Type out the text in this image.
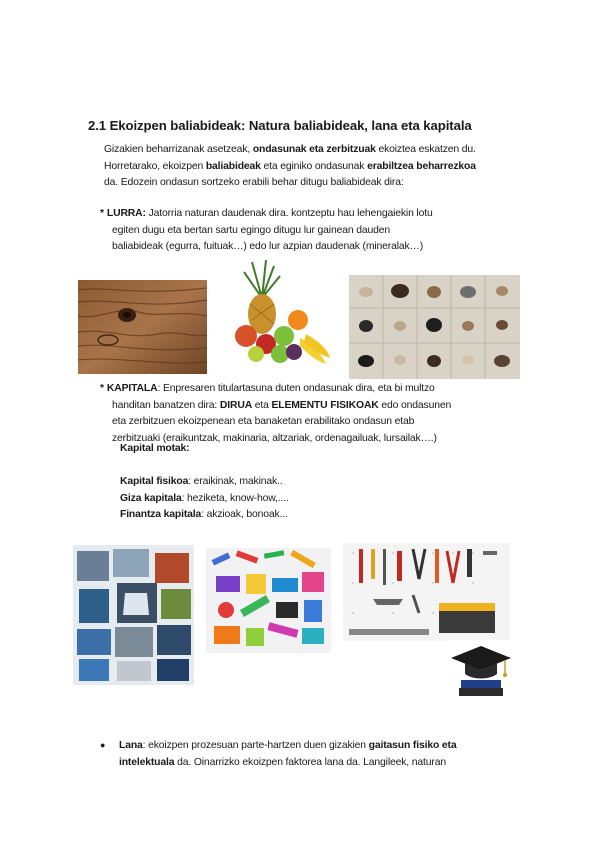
2.1 Ekoizpen baliabideak: Natura baliabideak, lana eta kapitala
Gizakien beharrizanak asetzeak, ondasunak eta zerbitzuak ekoiztea eskatzen du.
Horretarako, ekoizpen baliabideak eta eginiko ondasunak erabiltzea beharrezkoa
da. Edozein ondasun sortzeko erabili behar ditugu baliabideak dira:
* LURRA: Jatorria naturan daudenak dira. kontzeptu hau lehengaiekin lotu
egiten dugu eta bertan sartu egingo ditugu lur gainean dauden
baliabideak (egurra, fuituak…) edo lur azpian daudenak (mineralak…)
* KAPITALA: Enpresaren titulartasuna duten ondasunak dira, eta bi multzo
handitan banatzen dira: DIRUA eta ELEMENTU FISIKOAK edo ondasunen
eta zerbitzuen ekoizpenean eta banaketan erabilitako ondasun etab
zerbitzuaki (eraikuntzak, makinaria, altzariak, ordenagailuak, lursailak….)
Kapital motak:
Kapital fisikoa: eraikinak, makinak..
Giza kapitala: heziketa, know-how,....
Finantza kapitala: akzioak, bonoak...
● Lana: ekoizpen prozesuan parte-hartzen duen gizakien gaitasun fisiko eta
intelektuala da. Oinarrizko ekoizpen faktorea lana da. Langileek, naturan
